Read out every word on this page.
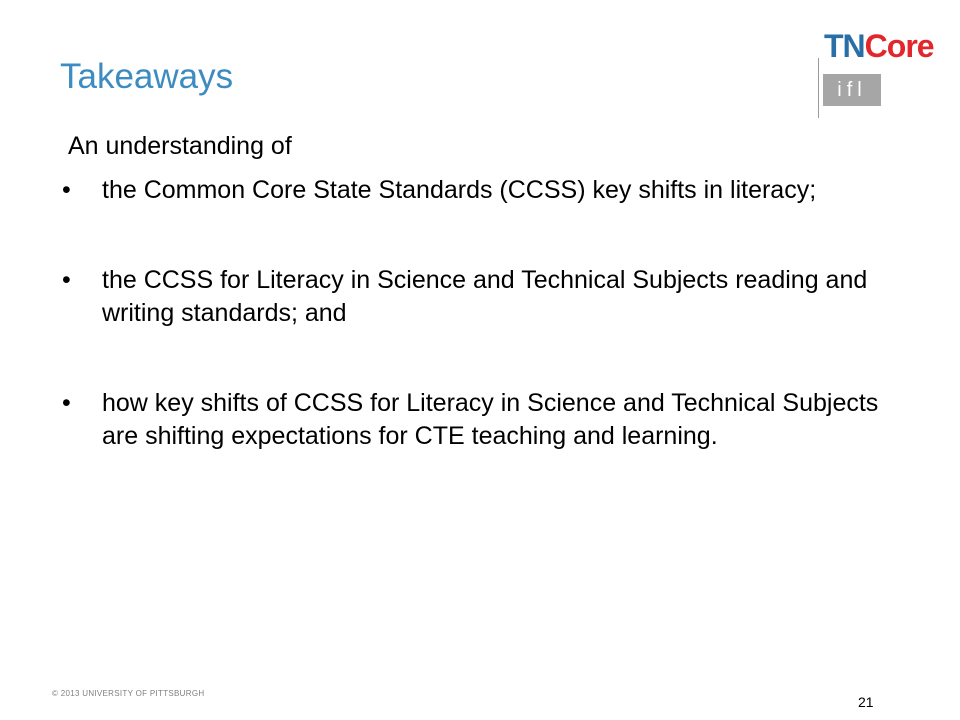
Takeaways
TNCore
ifl
An understanding of
• the Common Core State Standards (CCSS) key shifts in literacy;
• the CCSS for Literacy in Science and Technical Subjects reading and writing standards; and
• how key shifts of CCSS for Literacy in Science and Technical Subjects are shifting expectations for CTE teaching and learning.
© 2013 UNIVERSITY OF PITTSBURGH
21
